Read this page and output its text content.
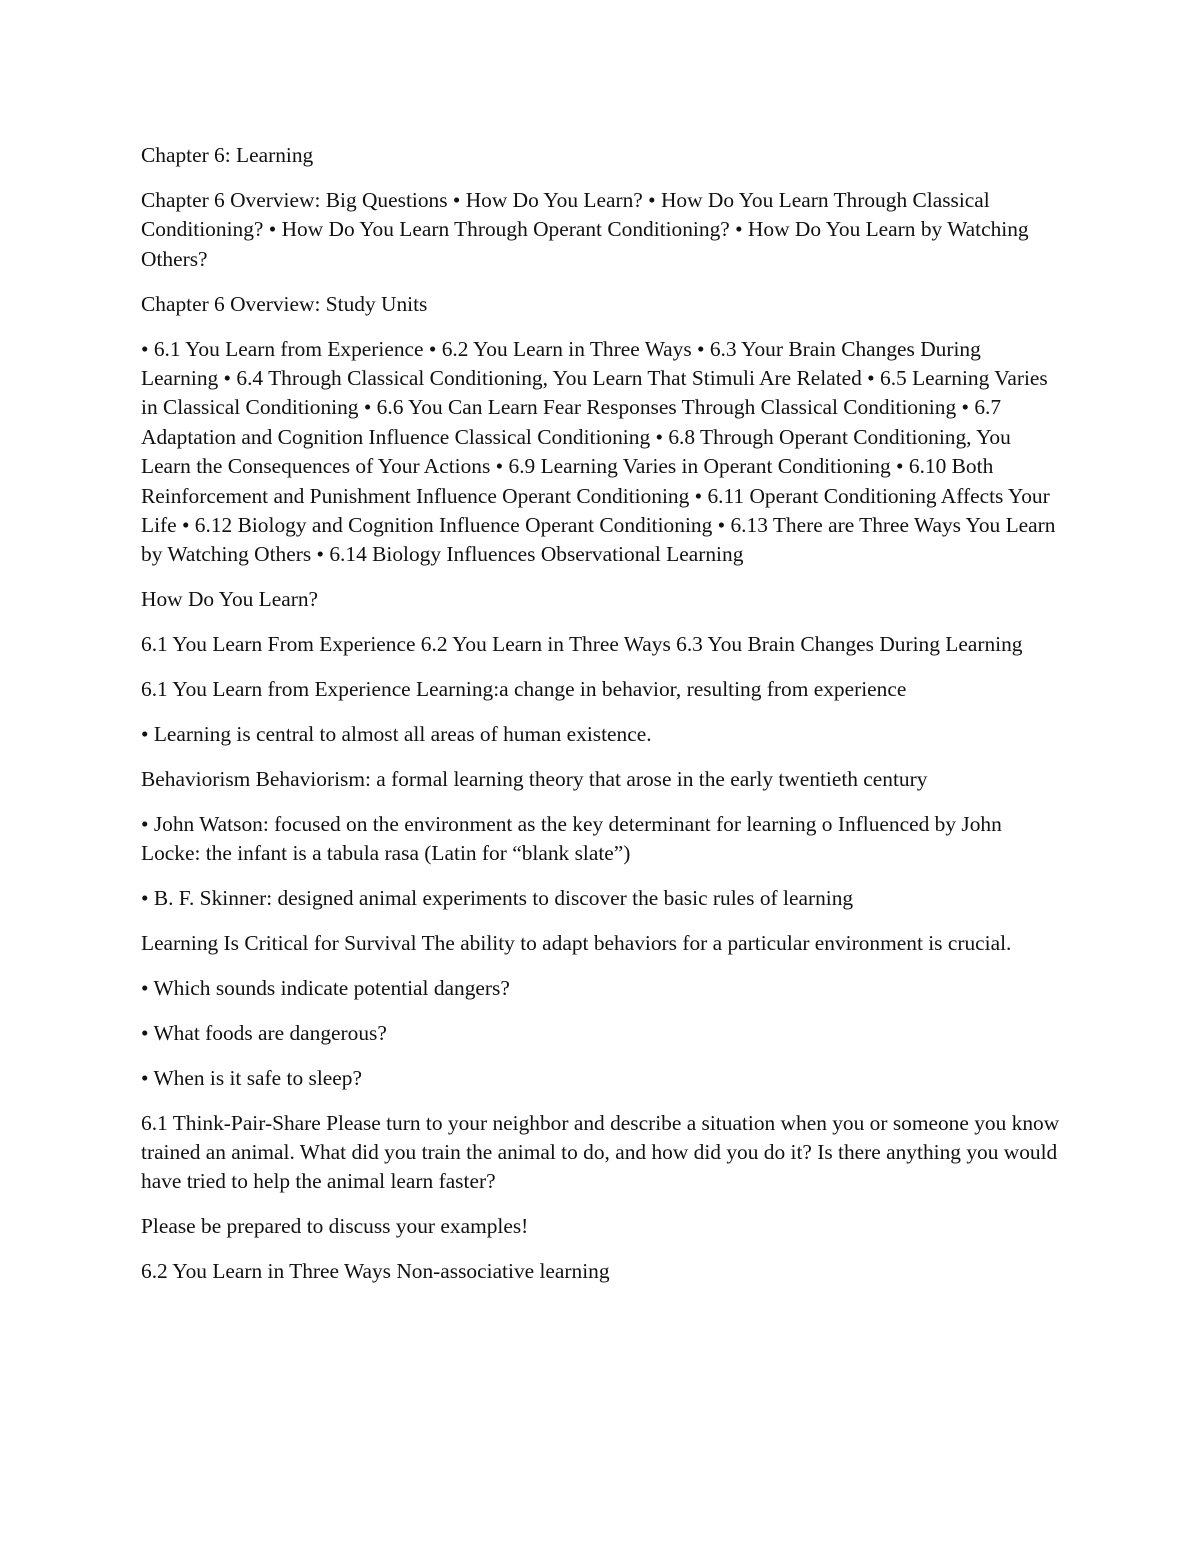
Chapter 6: Learning

Chapter 6 Overview: Big Questions • How Do You Learn? • How Do You Learn Through Classical Conditioning? • How Do You Learn Through Operant Conditioning? • How Do You Learn by Watching Others?

Chapter 6 Overview: Study Units

• 6.1 You Learn from Experience • 6.2 You Learn in Three Ways • 6.3 Your Brain Changes During Learning • 6.4 Through Classical Conditioning, You Learn That Stimuli Are Related • 6.5 Learning Varies in Classical Conditioning • 6.6 You Can Learn Fear Responses Through Classical Conditioning • 6.7 Adaptation and Cognition Influence Classical Conditioning • 6.8 Through Operant Conditioning, You Learn the Consequences of Your Actions • 6.9 Learning Varies in Operant Conditioning • 6.10 Both Reinforcement and Punishment Influence Operant Conditioning • 6.11 Operant Conditioning Affects Your Life • 6.12 Biology and Cognition Influence Operant Conditioning • 6.13 There are Three Ways You Learn by Watching Others • 6.14 Biology Influences Observational Learning

How Do You Learn?

6.1 You Learn From Experience 6.2 You Learn in Three Ways 6.3 You Brain Changes During Learning

6.1 You Learn from Experience Learning:a change in behavior, resulting from experience

• Learning is central to almost all areas of human existence.

Behaviorism Behaviorism: a formal learning theory that arose in the early twentieth century

• John Watson: focused on the environment as the key determinant for learning o Influenced by John Locke: the infant is a tabula rasa (Latin for “blank slate”)

• B. F. Skinner: designed animal experiments to discover the basic rules of learning

Learning Is Critical for Survival The ability to adapt behaviors for a particular environment is crucial.

• Which sounds indicate potential dangers?

• What foods are dangerous?

• When is it safe to sleep?

6.1 Think-Pair-Share Please turn to your neighbor and describe a situation when you or someone you know trained an animal. What did you train the animal to do, and how did you do it? Is there anything you would have tried to help the animal learn faster?

Please be prepared to discuss your examples!

6.2 You Learn in Three Ways Non-associative learning
